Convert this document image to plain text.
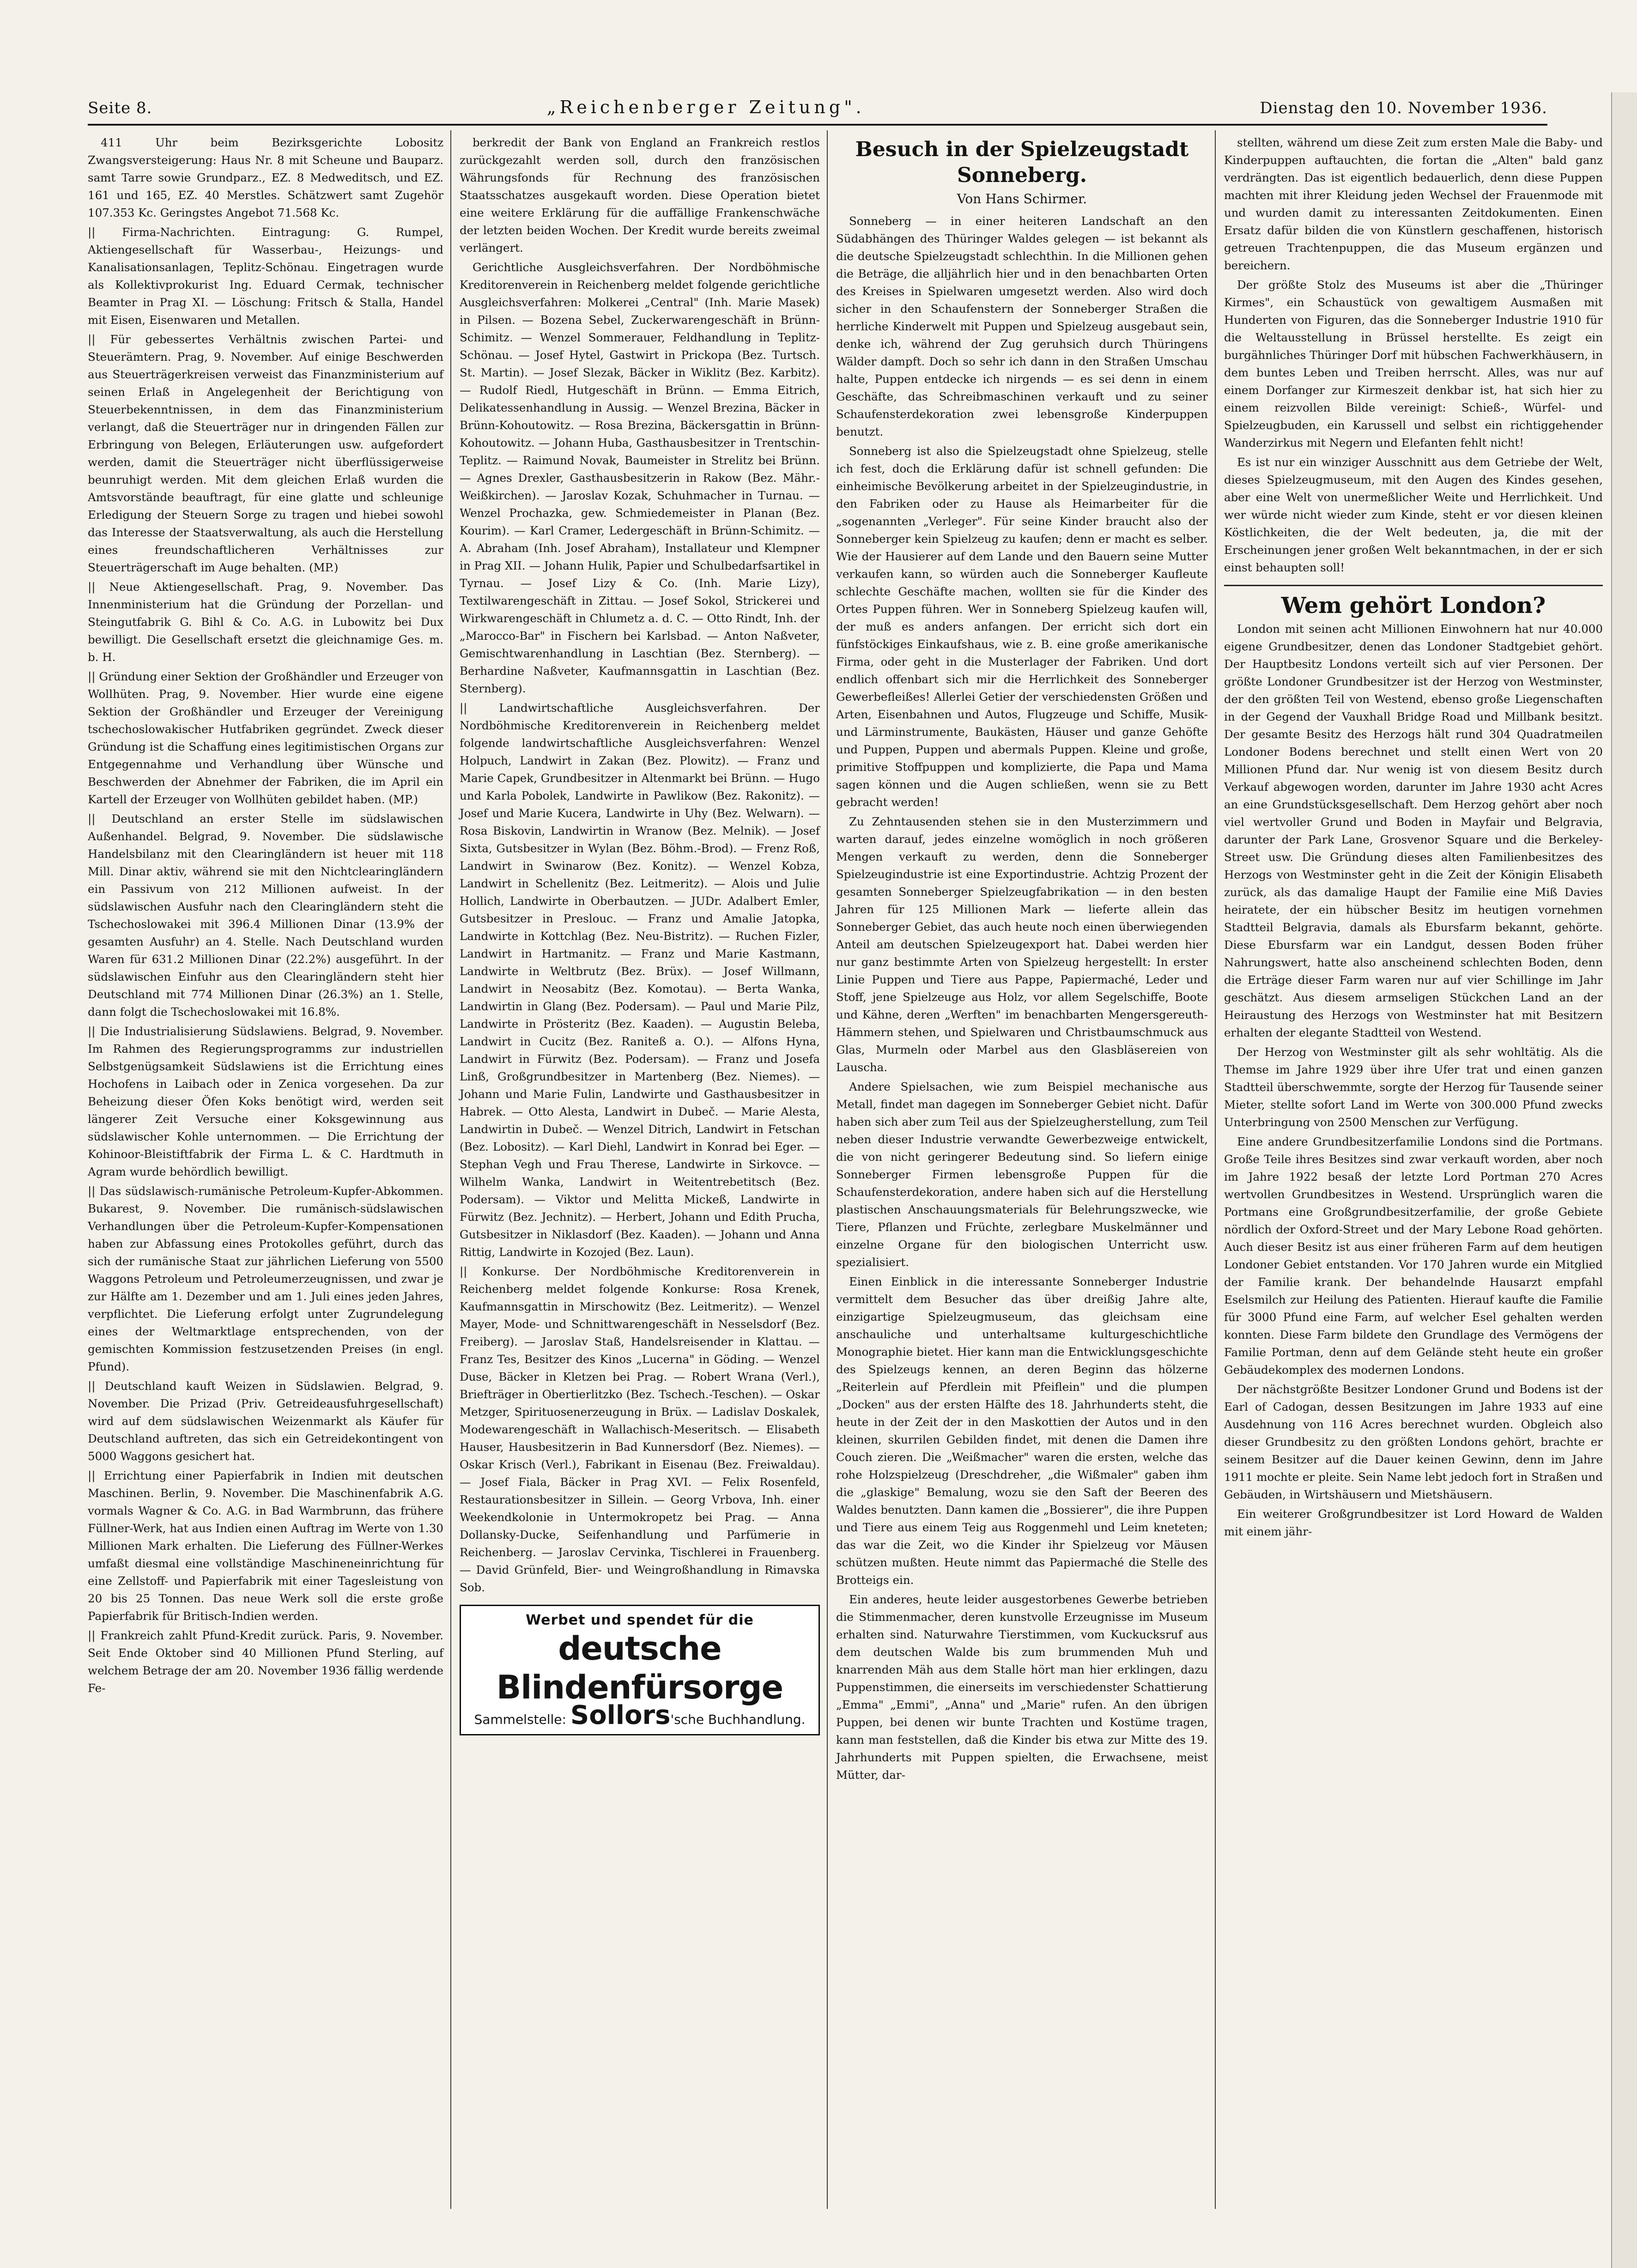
Seite 8.	„Reichenberger Zeitung".	Dienstag den 10. November 1936.

411 Uhr beim Bezirksgerichte Lobositz Zwangsversteigerung: Haus Nr. 8 mit Scheune und Bauparz. samt Tarre sowie Grundparz., EZ. 8 Medweditsch, und EZ. 161 und 165, EZ. 40 Merstles. Schätzwert samt Zugehör 107.353 Kc. Geringstes Angebot 71.568 Kc.

|| Firma-Nachrichten. Eintragung: G. Rumpel, Aktiengesellschaft für Wasserbau-, Heizungs- und Kanalisationsanlagen, Teplitz-Schönau. Eingetragen wurde als Kollektivprokurist Ing. Eduard Cermak, technischer Beamter in Prag XI. — Löschung: Fritsch & Stalla, Handel mit Eisen, Eisenwaren und Metallen.

|| Für gebessertes Verhältnis zwischen Partei- und Steuerämtern. Prag, 9. November. Auf einige Beschwerden aus Steuerträgerkreisen verweist das Finanzministerium auf seinen Erlaß in Angelegenheit der Berichtigung von Steuerbekenntnissen, in dem das Finanzministerium verlangt, daß die Steuerträger nur in dringenden Fällen zur Erbringung von Belegen, Erläuterungen usw. aufgefordert werden, damit die Steuerträger nicht überflüssigerweise beunruhigt werden. Mit dem gleichen Erlaß wurden die Amtsvorstände beauftragt, für eine glatte und schleunige Erledigung der Steuern Sorge zu tragen und hiebei sowohl das Interesse der Staatsverwaltung, als auch die Herstellung eines freundschaftlicheren Verhältnisses zur Steuerträgerschaft im Auge behalten. (MP.)

|| Neue Aktiengesellschaft. Prag, 9. November. Das Innenministerium hat die Gründung der Porzellan- und Steingutfabrik G. Bihl & Co. A.G. in Lubowitz bei Dux bewilligt. Die Gesellschaft ersetzt die gleichnamige Ges. m. b. H.

|| Gründung einer Sektion der Großhändler und Erzeuger von Wollhüten. Prag, 9. November. Hier wurde eine eigene Sektion der Großhändler und Erzeuger der Vereinigung tschechoslowakischer Hutfabriken gegründet. Zweck dieser Gründung ist die Schaffung eines legitimistischen Organs zur Entgegennahme und Verhandlung über Wünsche und Beschwerden der Abnehmer der Fabriken, die im April ein Kartell der Erzeuger von Wollhüten gebildet haben. (MP.)

|| Deutschland an erster Stelle im südslawischen Außenhandel. Belgrad, 9. November. Die südslawische Handelsbilanz mit den Clearingländern ist heuer mit 118 Mill. Dinar aktiv, während sie mit den Nichtclearingländern ein Passivum von 212 Millionen aufweist. In der südslawischen Ausfuhr nach den Clearingländern steht die Tschechoslowakei mit 396.4 Millionen Dinar (13.9% der gesamten Ausfuhr) an 4. Stelle. Nach Deutschland wurden Waren für 631.2 Millionen Dinar (22.2%) ausgeführt. In der südslawischen Einfuhr aus den Clearingländern steht hier Deutschland mit 774 Millionen Dinar (26.3%) an 1. Stelle, dann folgt die Tschechoslowakei mit 16.8%.

|| Die Industrialisierung Südslawiens. Belgrad, 9. November. Im Rahmen des Regierungsprogramms zur industriellen Selbstgenügsamkeit Südslawiens ist die Errichtung eines Hochofens in Laibach oder in Zenica vorgesehen. Da zur Beheizung dieser Öfen Koks benötigt wird, werden seit längerer Zeit Versuche einer Koksgewinnung aus südslawischer Kohle unternommen. — Die Errichtung der Kohinoor-Bleistiftfabrik der Firma L. & C. Hardtmuth in Agram wurde behördlich bewilligt.

|| Das südslawisch-rumänische Petroleum-Kupfer-Abkommen. Bukarest, 9. November. Die rumänisch-südslawischen Verhandlungen über die Petroleum-Kupfer-Kompensationen haben zur Abfassung eines Protokolles geführt, durch das sich der rumänische Staat zur jährlichen Lieferung von 5500 Waggons Petroleum und Petroleumerzeugnissen, und zwar je zur Hälfte am 1. Dezember und am 1. Juli eines jeden Jahres, verpflichtet. Die Lieferung erfolgt unter Zugrundelegung eines der Weltmarktlage entsprechenden, von der gemischten Kommission festzusetzenden Preises (in engl. Pfund).

|| Deutschland kauft Weizen in Südslawien. Belgrad, 9. November. Die Prizad (Priv. Getreideausfuhrgesellschaft) wird auf dem südslawischen Weizenmarkt als Käufer für Deutschland auftreten, das sich ein Getreidekontingent von 5000 Waggons gesichert hat.

|| Errichtung einer Papierfabrik in Indien mit deutschen Maschinen. Berlin, 9. November. Die Maschinenfabrik A.G. vormals Wagner & Co. A.G. in Bad Warmbrunn, das frühere Füllner-Werk, hat aus Indien einen Auftrag im Werte von 1.30 Millionen Mark erhalten. Die Lieferung des Füllner-Werkes umfaßt diesmal eine vollständige Maschineneinrichtung für eine Zellstoff- und Papierfabrik mit einer Tagesleistung von 20 bis 25 Tonnen. Das neue Werk soll die erste große Papierfabrik für Britisch-Indien werden.

|| Frankreich zahlt Pfund-Kredit zurück. Paris, 9. November. Seit Ende Oktober sind 40 Millionen Pfund Sterling, auf welchem Betrage der am 20. November 1936 fällig werdende Fe-

berkredit der Bank von England an Frankreich restlos zurückgezahlt werden soll, durch den französischen Währungsfonds für Rechnung des französischen Staatsschatzes ausgekauft worden. Diese Operation bietet eine weitere Erklärung für die auffällige Frankenschwäche der letzten beiden Wochen. Der Kredit wurde bereits zweimal verlängert.

Gerichtliche Ausgleichsverfahren. Der Nordböhmische Kreditorenverein in Reichenberg meldet folgende gerichtliche Ausgleichsverfahren: Molkerei „Central" (Inh. Marie Masek) in Pilsen. — Bozena Sebel, Zuckerwarengeschäft in Brünn-Schimitz. — Wenzel Sommerauer, Feldhandlung in Teplitz-Schönau. — Josef Hytel, Gastwirt in Prickopa (Bez. Turtsch. St. Martin). — Josef Slezak, Bäcker in Wiklitz (Bez. Karbitz). — Rudolf Riedl, Hutgeschäft in Brünn. — Emma Eitrich, Delikatessenhandlung in Aussig. — Wenzel Brezina, Bäcker in Brünn-Kohoutowitz. — Rosa Brezina, Bäckersgattin in Brünn-Kohoutowitz. — Johann Huba, Gasthausbesitzer in Trentschin-Teplitz. — Raimund Novak, Baumeister in Strelitz bei Brünn. — Agnes Drexler, Gasthausbesitzerin in Rakow (Bez. Mähr.-Weißkirchen). — Jaroslav Kozak, Schuhmacher in Turnau. — Wenzel Prochazka, gew. Schmiedemeister in Planan (Bez. Kourim). — Karl Cramer, Ledergeschäft in Brünn-Schimitz. — A. Abraham (Inh. Josef Abraham), Installateur und Klempner in Prag XII. — Johann Hulik, Papier und Schulbedarfsartikel in Tyrnau. — Josef Lizy & Co. (Inh. Marie Lizy), Textilwarengeschäft in Zittau. — Josef Sokol, Strickerei und Wirkwarengeschäft in Chlumetz a. d. C. — Otto Rindt, Inh. der „Marocco-Bar" in Fischern bei Karlsbad. — Anton Naßveter, Gemischtwarenhandlung in Laschtian (Bez. Sternberg). — Berhardine Naßveter, Kaufmannsgattin in Laschtian (Bez. Sternberg).

|| Landwirtschaftliche Ausgleichsverfahren. Der Nordböhmische Kreditorenverein in Reichenberg meldet folgende landwirtschaftliche Ausgleichsverfahren: Wenzel Holpuch, Landwirt in Zakan (Bez. Plowitz). — Franz und Marie Capek, Grundbesitzer in Altenmarkt bei Brünn. — Hugo und Karla Pobolek, Landwirte in Pawlikow (Bez. Rakonitz). — Josef und Marie Kucera, Landwirte in Uhy (Bez. Welwarn). — Rosa Biskovin, Landwirtin in Wranow (Bez. Melnik). — Josef Sixta, Gutsbesitzer in Wylan (Bez. Böhm.-Brod). — Frenz Roß, Landwirt in Swinarow (Bez. Konitz). — Wenzel Kobza, Landwirt in Schellenitz (Bez. Leitmeritz). — Alois und Julie Hollich, Landwirte in Oberbautzen. — JUDr. Adalbert Emler, Gutsbesitzer in Preslouc. — Franz und Amalie Jatopka, Landwirte in Kottchlag (Bez. Neu-Bistritz). — Ruchen Fizler, Landwirt in Hartmanitz. — Franz und Marie Kastmann, Landwirte in Weltbrutz (Bez. Brüx). — Josef Willmann, Landwirt in Neosabitz (Bez. Komotau). — Berta Wanka, Landwirtin in Glang (Bez. Podersam). — Paul und Marie Pilz, Landwirte in Prösteritz (Bez. Kaaden). — Augustin Beleba, Landwirt in Cucitz (Bez. Raniteß a. O.). — Alfons Hyna, Landwirt in Fürwitz (Bez. Podersam). — Franz und Josefa Linß, Großgrundbesitzer in Martenberg (Bez. Niemes). — Johann und Marie Fulin, Landwirte und Gasthausbesitzer in Habrek. — Otto Alesta, Landwirt in Dubeč. — Marie Alesta, Landwirtin in Dubeč. — Wenzel Ditrich, Landwirt in Fetschan (Bez. Lobositz). — Karl Diehl, Landwirt in Konrad bei Eger. — Stephan Vegh und Frau Therese, Landwirte in Sirkovce. — Wilhelm Wanka, Landwirt in Weitentrebetitsch (Bez. Podersam). — Viktor und Melitta Mickeß, Landwirte in Fürwitz (Bez. Jechnitz). — Herbert, Johann und Edith Prucha, Gutsbesitzer in Niklasdorf (Bez. Kaaden). — Johann und Anna Rittig, Landwirte in Kozojed (Bez. Laun).

|| Konkurse. Der Nordböhmische Kreditorenverein in Reichenberg meldet folgende Konkurse: Rosa Krenek, Kaufmannsgattin in Mirschowitz (Bez. Leitmeritz). — Wenzel Mayer, Mode- und Schnittwarengeschäft in Nesselsdorf (Bez. Freiberg). — Jaroslav Staß, Handelsreisender in Klattau. — Franz Tes, Besitzer des Kinos „Lucerna" in Göding. — Wenzel Duse, Bäcker in Kletzen bei Prag. — Robert Wrana (Verl.), Briefträger in Obertierlitzko (Bez. Tschech.-Teschen). — Oskar Metzger, Spirituosenerzeugung in Brüx. — Ladislav Doskalek, Modewarengeschäft in Wallachisch-Meseritsch. — Elisabeth Hauser, Hausbesitzerin in Bad Kunnersdorf (Bez. Niemes). — Oskar Krisch (Verl.), Fabrikant in Eisenau (Bez. Freiwaldau). — Josef Fiala, Bäcker in Prag XVI. — Felix Rosenfeld, Restaurationsbesitzer in Sillein. — Georg Vrbova, Inh. einer Weekendkolonie in Untermokropetz bei Prag. — Anna Dollansky-Ducke, Seifenhandlung und Parfümerie in Reichenberg. — Jaroslav Cervinka, Tischlerei in Frauenberg. — David Grünfeld, Bier- und Weingroßhandlung in Rimavska Sob.

Werbet und spendet für die
deutsche Blindenfürsorge
Sammelstelle: Sollors'sche Buchhandlung.
Besuch in der Spielzeugstadt Sonneberg.
Von Hans Schirmer.

Sonneberg — in einer heiteren Landschaft an den Südabhängen des Thüringer Waldes gelegen — ist bekannt als die deutsche Spielzeugstadt schlechthin. In die Millionen gehen die Beträge, die alljährlich hier und in den benachbarten Orten des Kreises in Spielwaren umgesetzt werden. Also wird doch sicher in den Schaufenstern der Sonneberger Straßen die herrliche Kinderwelt mit Puppen und Spielzeug ausgebaut sein, denke ich, während der Zug geruhsich durch Thüringens Wälder dampft. Doch so sehr ich dann in den Straßen Umschau halte, Puppen entdecke ich nirgends — es sei denn in einem Geschäfte, das Schreibmaschinen verkauft und zu seiner Schaufensterdekoration zwei lebensgroße Kinderpuppen benutzt.

Sonneberg ist also die Spielzeugstadt ohne Spielzeug, stelle ich fest, doch die Erklärung dafür ist schnell gefunden: Die einheimische Bevölkerung arbeitet in der Spielzeugindustrie, in den Fabriken oder zu Hause als Heimarbeiter für die „sogenannten „Verleger". Für seine Kinder braucht also der Sonneberger kein Spielzeug zu kaufen; denn er macht es selber. Wie der Hausierer auf dem Lande und den Bauern seine Mutter verkaufen kann, so würden auch die Sonneberger Kaufleute schlechte Geschäfte machen, wollten sie für die Kinder des Ortes Puppen führen. Wer in Sonneberg Spielzeug kaufen will, der muß es anders anfangen. Der erricht sich dort ein fünfstöckiges Einkaufshaus, wie z. B. eine große amerikanische Firma, oder geht in die Musterlager der Fabriken. Und dort endlich offenbart sich mir die Herrlichkeit des Sonneberger Gewerbefleißes! Allerlei Getier der verschiedensten Größen und Arten, Eisenbahnen und Autos, Flugzeuge und Schiffe, Musik- und Lärminstrumente, Baukästen, Häuser und ganze Gehöfte und Puppen, Puppen und abermals Puppen. Kleine und große, primitive Stoffpuppen und komplizierte, die Papa und Mama sagen können und die Augen schließen, wenn sie zu Bett gebracht werden!

Zu Zehntausenden stehen sie in den Musterzimmern und warten darauf, jedes einzelne womöglich in noch größeren Mengen verkauft zu werden, denn die Sonneberger Spielzeugindustrie ist eine Exportindustrie. Achtzig Prozent der gesamten Sonneberger Spielzeugfabrikation — in den besten Jahren für 125 Millionen Mark — lieferte allein das Sonneberger Gebiet, das auch heute noch einen überwiegenden Anteil am deutschen Spielzeugexport hat. Dabei werden hier nur ganz bestimmte Arten von Spielzeug hergestellt: In erster Linie Puppen und Tiere aus Pappe, Papiermaché, Leder und Stoff, jene Spielzeuge aus Holz, vor allem Segelschiffe, Boote und Kähne, deren „Werften" im benachbarten Mengersgereuth-Hämmern stehen, und Spielwaren und Christbaumschmuck aus Glas, Murmeln oder Marbel aus den Glasbläsereien von Lauscha.

Andere Spielsachen, wie zum Beispiel mechanische aus Metall, findet man dagegen im Sonneberger Gebiet nicht. Dafür haben sich aber zum Teil aus der Spielzeugherstellung, zum Teil neben dieser Industrie verwandte Gewerbezweige entwickelt, die von nicht geringerer Bedeutung sind. So liefern einige Sonneberger Firmen lebensgroße Puppen für die Schaufensterdekoration, andere haben sich auf die Herstellung plastischen Anschauungsmaterials für Belehrungszwecke, wie Tiere, Pflanzen und Früchte, zerlegbare Muskelmänner und einzelne Organe für den biologischen Unterricht usw. spezialisiert.

Einen Einblick in die interessante Sonneberger Industrie vermittelt dem Besucher das über dreißig Jahre alte, einzigartige Spielzeugmuseum, das gleichsam eine anschauliche und unterhaltsame kulturgeschichtliche Monographie bietet. Hier kann man die Entwicklungsgeschichte des Spielzeugs kennen, an deren Beginn das hölzerne „Reiterlein auf Pferdlein mit Pfeiflein" und die plumpen „Docken" aus der ersten Hälfte des 18. Jahrhunderts steht, die heute in der Zeit der in den Maskottien der Autos und in den kleinen, skurrilen Gebilden findet, mit denen die Damen ihre Couch zieren. Die „Weißmacher" waren die ersten, welche das rohe Holzspielzeug (Dreschdreher, „die Wißmaler" gaben ihm die „glaskige" Bemalung, wozu sie den Saft der Beeren des Waldes benutzten. Dann kamen die „Bossierer", die ihre Puppen und Tiere aus einem Teig aus Roggenmehl und Leim kneteten; das war die Zeit, wo die Kinder ihr Spielzeug vor Mäusen schützen mußten. Heute nimmt das Papiermaché die Stelle des Brotteigs ein.

Ein anderes, heute leider ausgestorbenes Gewerbe betrieben die Stimmenmacher, deren kunstvolle Erzeugnisse im Museum erhalten sind. Naturwahre Tierstimmen, vom Kuckucksruf aus dem deutschen Walde bis zum brummenden Muh und knarrenden Mäh aus dem Stalle hört man hier erklingen, dazu Puppenstimmen, die einerseits im verschiedenster Schattierung „Emma" „Emmi", „Anna" und „Marie" rufen. An den übrigen Puppen, bei denen wir bunte Trachten und Kostüme tragen, kann man feststellen, daß die Kinder bis etwa zur Mitte des 19. Jahrhunderts mit Puppen spielten, die Erwachsene, meist Mütter, dar-

stellten, während um diese Zeit zum ersten Male die Baby- und Kinderpuppen auftauchten, die fortan die „Alten" bald ganz verdrängten. Das ist eigentlich bedauerlich, denn diese Puppen machten mit ihrer Kleidung jeden Wechsel der Frauenmode mit und wurden damit zu interessanten Zeitdokumenten. Einen Ersatz dafür bilden die von Künstlern geschaffenen, historisch getreuen Trachtenpuppen, die das Museum ergänzen und bereichern.

Der größte Stolz des Museums ist aber die „Thüringer Kirmes", ein Schaustück von gewaltigem Ausmaßen mit Hunderten von Figuren, das die Sonneberger Industrie 1910 für die Weltausstellung in Brüssel herstellte. Es zeigt ein burgähnliches Thüringer Dorf mit hübschen Fachwerkhäusern, in dem buntes Leben und Treiben herrscht. Alles, was nur auf einem Dorfanger zur Kirmeszeit denkbar ist, hat sich hier zu einem reizvollen Bilde vereinigt: Schieß-, Würfel- und Spielzeugbuden, ein Karussell und selbst ein richtiggehender Wanderzirkus mit Negern und Elefanten fehlt nicht!

Es ist nur ein winziger Ausschnitt aus dem Getriebe der Welt, dieses Spielzeugmuseum, mit den Augen des Kindes gesehen, aber eine Welt von unermeßlicher Weite und Herrlichkeit. Und wer würde nicht wieder zum Kinde, steht er vor diesen kleinen Köstlichkeiten, die der Welt bedeuten, ja, die mit der Erscheinungen jener großen Welt bekanntmachen, in der er sich einst behaupten soll!

Wem gehört London?

London mit seinen acht Millionen Einwohnern hat nur 40.000 eigene Grundbesitzer, denen das Londoner Stadtgebiet gehört. Der Hauptbesitz Londons verteilt sich auf vier Personen. Der größte Londoner Grundbesitzer ist der Herzog von Westminster, der den größten Teil von Westend, ebenso große Liegenschaften in der Gegend der Vauxhall Bridge Road und Millbank besitzt. Der gesamte Besitz des Herzogs hält rund 304 Quadratmeilen Londoner Bodens berechnet und stellt einen Wert von 20 Millionen Pfund dar. Nur wenig ist von diesem Besitz durch Verkauf abgewogen worden, darunter im Jahre 1930 acht Acres an eine Grundstücksgesellschaft. Dem Herzog gehört aber noch viel wertvoller Grund und Boden in Mayfair und Belgravia, darunter der Park Lane, Grosvenor Square und die Berkeley-Street usw. Die Gründung dieses alten Familienbesitzes des Herzogs von Westminster geht in die Zeit der Königin Elisabeth zurück, als das damalige Haupt der Familie eine Miß Davies heiratete, der ein hübscher Besitz im heutigen vornehmen Stadtteil Belgravia, damals als Ebursfarm bekannt, gehörte. Diese Ebursfarm war ein Landgut, dessen Boden früher Nahrungswert, hatte also anscheinend schlechten Boden, denn die Erträge dieser Farm waren nur auf vier Schillinge im Jahr geschätzt. Aus diesem armseligen Stückchen Land an der Heiraustung des Herzogs von Westminster hat mit Besitzern erhalten der elegante Stadtteil von Westend.

Der Herzog von Westminster gilt als sehr wohltätig. Als die Themse im Jahre 1929 über ihre Ufer trat und einen ganzen Stadtteil überschwemmte, sorgte der Herzog für Tausende seiner Mieter, stellte sofort Land im Werte von 300.000 Pfund zwecks Unterbringung von 2500 Menschen zur Verfügung.

Eine andere Grundbesitzerfamilie Londons sind die Portmans. Große Teile ihres Besitzes sind zwar verkauft worden, aber noch im Jahre 1922 besaß der letzte Lord Portman 270 Acres wertvollen Grundbesitzes in Westend. Ursprünglich waren die Portmans eine Großgrundbesitzerfamilie, der große Gebiete nördlich der Oxford-Street und der Mary Lebone Road gehörten. Auch dieser Besitz ist aus einer früheren Farm auf dem heutigen Londoner Gebiet entstanden. Vor 170 Jahren wurde ein Mitglied der Familie krank. Der behandelnde Hausarzt empfahl Eselsmilch zur Heilung des Patienten. Hierauf kaufte die Familie für 3000 Pfund eine Farm, auf welcher Esel gehalten werden konnten. Diese Farm bildete den Grundlage des Vermögens der Familie Portman, denn auf dem Gelände steht heute ein großer Gebäudekomplex des modernen Londons.

Der nächstgrößte Besitzer Londoner Grund und Bodens ist der Earl of Cadogan, dessen Besitzungen im Jahre 1933 auf eine Ausdehnung von 116 Acres berechnet wurden. Obgleich also dieser Grundbesitz zu den größten Londons gehört, brachte er seinem Besitzer auf die Dauer keinen Gewinn, denn im Jahre 1911 mochte er pleite. Sein Name lebt jedoch fort in Straßen und Gebäuden, in Wirtshäusern und Mietshäusern.

Ein weiterer Großgrundbesitzer ist Lord Howard de Walden mit einem jähr-
